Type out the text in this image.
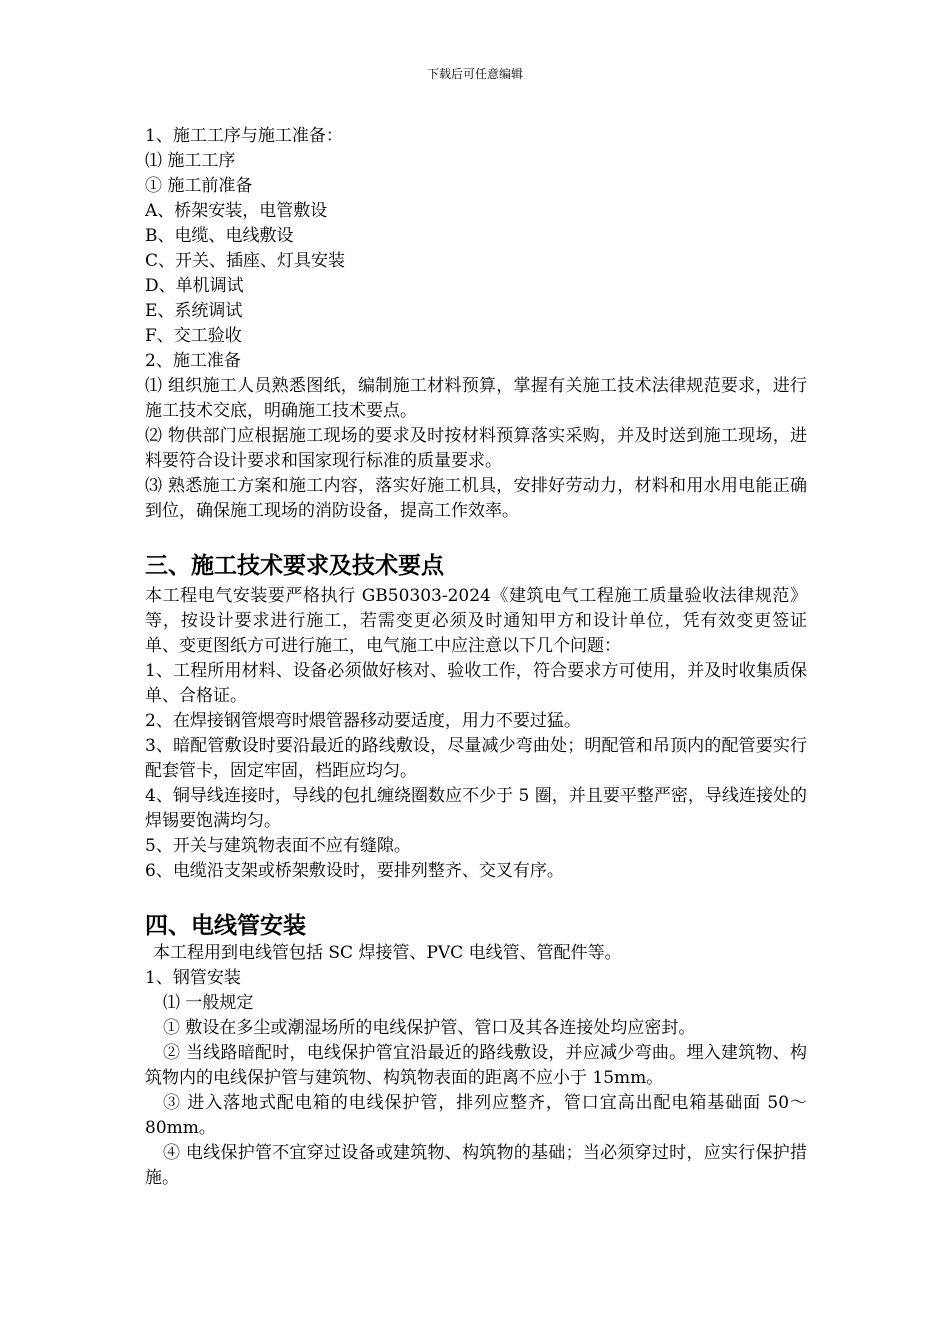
下载后可任意编辑

1、施工工序与施工准备：

⑴ 施工工序

① 施工前准备

A、桥架安装，电管敷设

B、电缆、电线敷设

C、开关、插座、灯具安装

D、单机调试

E、系统调试

F、交工验收

2、施工准备

⑴ 组织施工人员熟悉图纸，编制施工材料预算，掌握有关施工技术法律规范要求，进行施工技术交底，明确施工技术要点。

⑵ 物供部门应根据施工现场的要求及时按材料预算落实采购，并及时送到施工现场，进料要符合设计要求和国家现行标准的质量要求。

⑶ 熟悉施工方案和施工内容，落实好施工机具，安排好劳动力，材料和用水用电能正确到位，确保施工现场的消防设备，提高工作效率。

三、施工技术要求及技术要点

本工程电气安装要严格执行 GB50303-2024《建筑电气工程施工质量验收法律规范》等，按设计要求进行施工，若需变更必须及时通知甲方和设计单位，凭有效变更签证单、变更图纸方可进行施工，电气施工中应注意以下几个问题：

1、工程所用材料、设备必须做好核对、验收工作，符合要求方可使用，并及时收集质保单、合格证。

2、在焊接钢管煨弯时煨管器移动要适度，用力不要过猛。

3、暗配管敷设时要沿最近的路线敷设，尽量减少弯曲处；明配管和吊顶内的配管要实行配套管卡，固定牢固，档距应均匀。

4、铜导线连接时，导线的包扎缠绕圈数应不少于 5 圈，并且要平整严密，导线连接处的焊锡要饱满均匀。

5、开关与建筑物表面不应有缝隙。

6、电缆沿支架或桥架敷设时，要排列整齐、交叉有序。

四、电线管安装

本工程用到电线管包括 SC 焊接管、PVC 电线管、管配件等。

1、钢管安装

⑴ 一般规定

① 敷设在多尘或潮湿场所的电线保护管、管口及其各连接处均应密封。

② 当线路暗配时，电线保护管宜沿最近的路线敷设，并应减少弯曲。埋入建筑物、构筑物内的电线保护管与建筑物、构筑物表面的距离不应小于 15mm。

③ 进入落地式配电箱的电线保护管，排列应整齐，管口宜高出配电箱基础面 50～80mm。

④ 电线保护管不宜穿过设备或建筑物、构筑物的基础；当必须穿过时，应实行保护措施。
